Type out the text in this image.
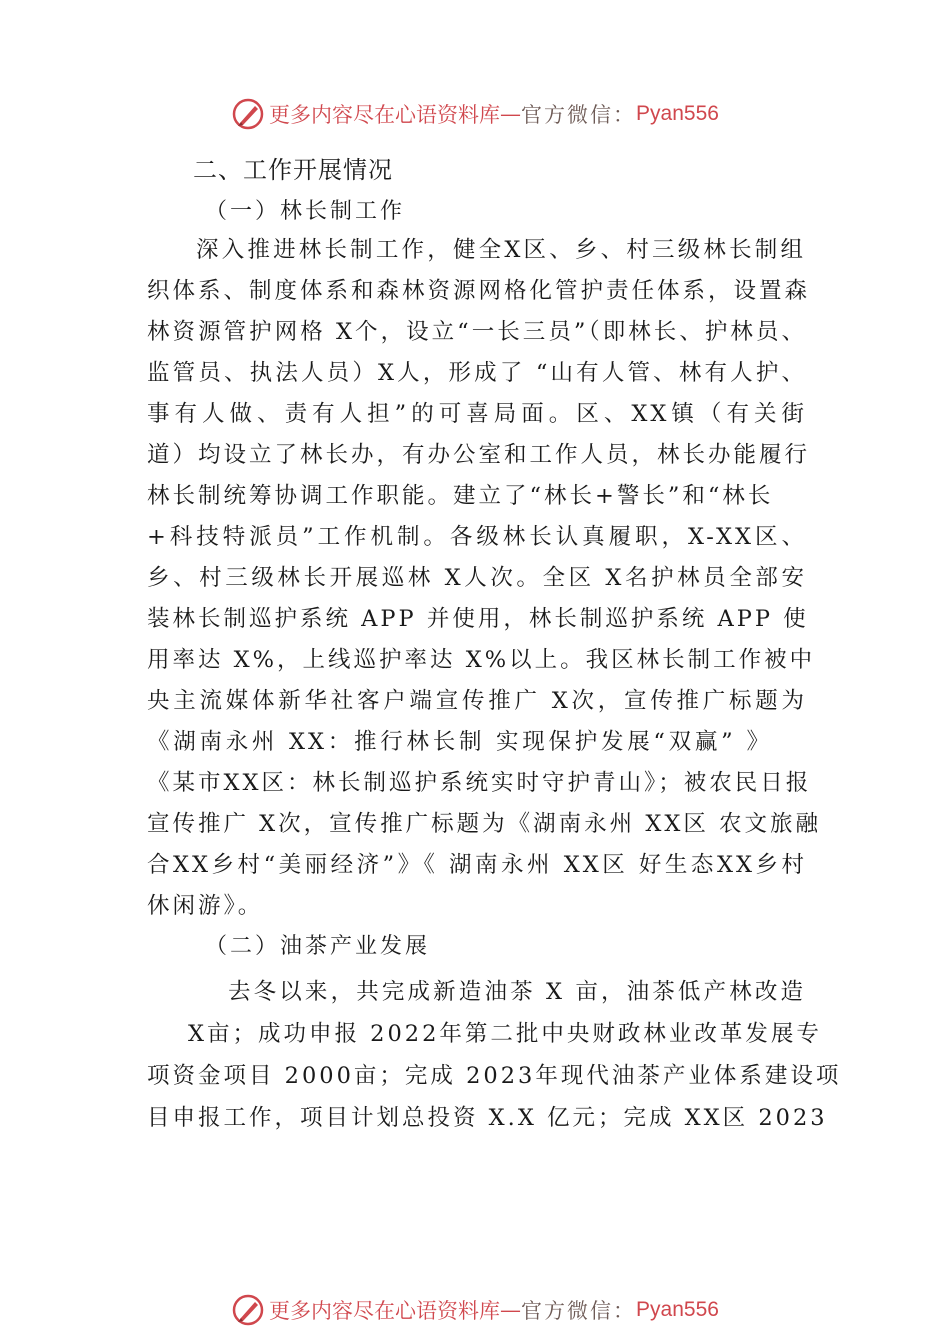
更多内容尽在心语资料库 — 官方微信： Pyan556
二、工作开展情况
（一）林长制工作
深入推进林长制工作，健全X区、乡、村三级林长制组
织体系、制度体系和森林资源网格化管护责任体系，设置森
林资源管护网格 X个，设立“一长三员”（即林长、护林员、
监管员、执法人员）X人，形成了 “山有人管、林有人护、
事有人做、责有人担”的可喜局面。区、XX镇（有关街
道）均设立了林长办，有办公室和工作人员，林长办能履行
林长制统筹协调工作职能。建立了“林长+警长”和“林长
+科技特派员”工作机制。各级林长认真履职，X-XX区、
乡、村三级林长开展巡林 X人次。全区 X名护林员全部安
装林长制巡护系统 APP 并使用，林长制巡护系统 APP 使
用率达 X%，上线巡护率达 X%以上。我区林长制工作被中
央主流媒体新华社客户端宣传推广 X次，宣传推广标题为
《湖南永州 XX：推行林长制 实现保护发展“双赢” 》
《某市XX区：林长制巡护系统实时守护青山》；被农民日报
宣传推广 X次，宣传推广标题为《湖南永州 XX区 农文旅融
合XX乡村“美丽经济”》《 湖南永州 XX区 好生态XX乡村
休闲游》。
（二）油茶产业发展
去冬以来，共完成新造油茶 X 亩，油茶低产林改造
X亩；成功申报 2022年第二批中央财政林业改革发展专
项资金项目 2000亩；完成 2023年现代油茶产业体系建设项
目申报工作，项目计划总投资 X.X 亿元；完成 XX区 2023
更多内容尽在心语资料库 — 官方微信： Pyan556
